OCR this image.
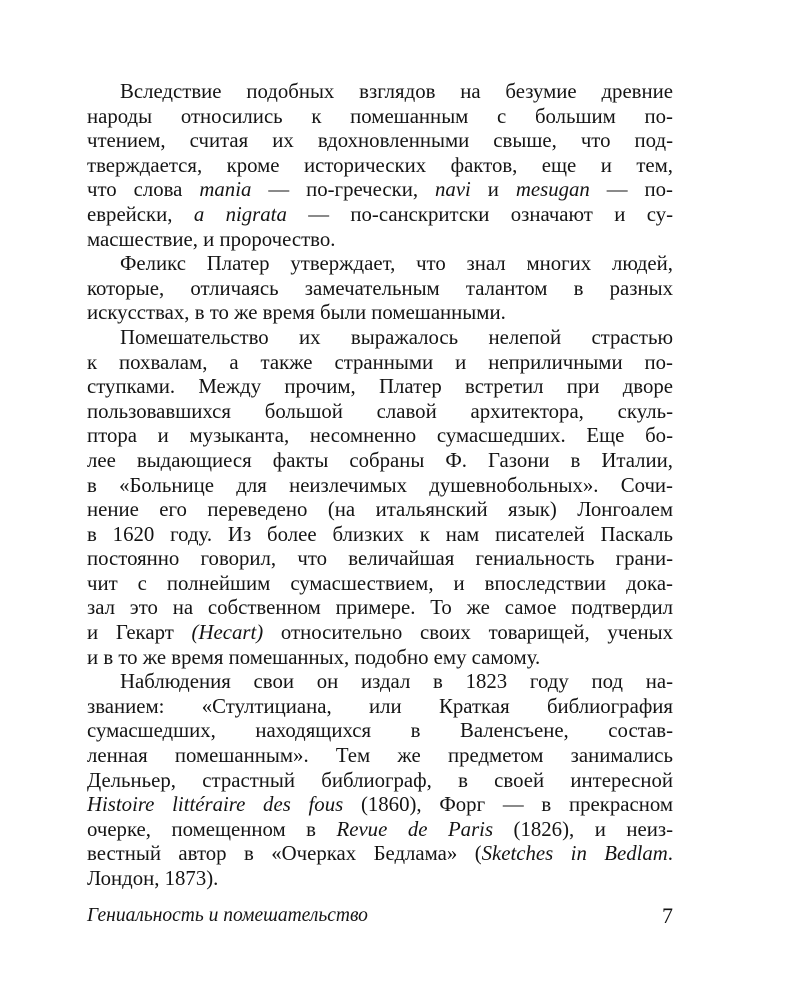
Вследствие подобных взглядов на безумие древние
народы относились к помешанным с большим по-
чтением, считая их вдохновленными свыше, что под-
тверждается, кроме исторических фактов, еще и тем,
что слова mania — по-гречески, navi и mesugan — по-
еврейски, a nigrata — по-санскритски означают и су-
масшествие, и пророчество.
Феликс Платер утверждает, что знал многих людей,
которые, отличаясь замечательным талантом в разных
искусствах, в то же время были помешанными.
Помешательство их выражалось нелепой страстью
к похвалам, а также странными и неприличными по-
ступками. Между прочим, Платер встретил при дворе
пользовавшихся большой славой архитектора, скуль-
птора и музыканта, несомненно сумасшедших. Еще бо-
лее выдающиеся факты собраны Ф. Газони в Италии,
в «Больнице для неизлечимых душевнобольных». Сочи-
нение его переведено (на итальянский язык) Лонгоалем
в 1620 году. Из более близких к нам писателей Паскаль
постоянно говорил, что величайшая гениальность грани-
чит с полнейшим сумасшествием, и впоследствии дока-
зал это на собственном примере. То же самое подтвердил
и Гекарт (Hecart) относительно своих товарищей, ученых
и в то же время помешанных, подобно ему самому.
Наблюдения свои он издал в 1823 году под на-
званием: «Стултициана, или Краткая библиография
сумасшедших, находящихся в Валенсъене, состав-
ленная помешанным». Тем же предметом занимались
Дельньер, страстный библиограф, в своей интересной
Histoire littéraire des fous (1860), Форг — в прекрасном
очерке, помещенном в Revue de Paris (1826), и неиз-
вестный автор в «Очерках Бедлама» (Sketches in Bedlam.
Лондон, 1873).
Гениальность и помешательство	7
